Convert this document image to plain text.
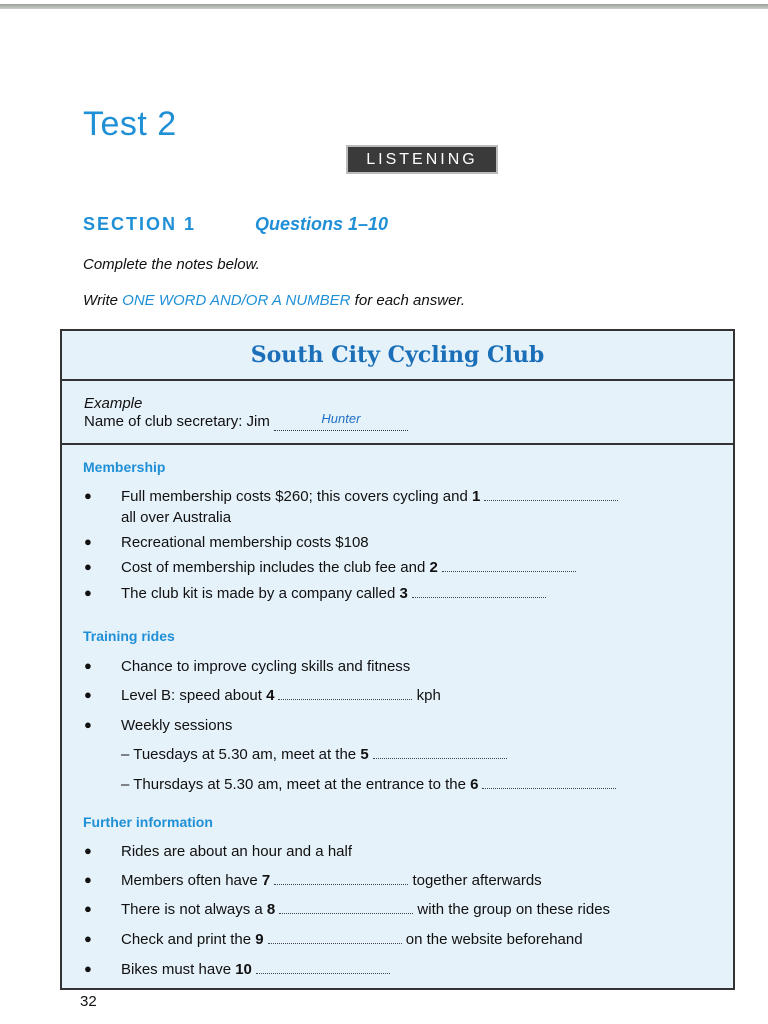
Test 2
LISTENING
SECTION 1	Questions 1–10
Complete the notes below.
Write ONE WORD AND/OR A NUMBER for each answer.
South City Cycling Club
Example
Name of club secretary: Jim	Hunter
Membership
● Full membership costs $260; this covers cycling and 1
all over Australia
● Recreational membership costs $108
● Cost of membership includes the club fee and 2
● The club kit is made by a company called 3
Training rides
● Chance to improve cycling skills and fitness
● Level B: speed about 4	kph
● Weekly sessions
– Tuesdays at 5.30 am, meet at the 5
– Thursdays at 5.30 am, meet at the entrance to the 6
Further information
● Rides are about an hour and a half
● Members often have 7	together afterwards
● There is not always a 8	with the group on these rides
● Check and print the 9	on the website beforehand
● Bikes must have 10
32
